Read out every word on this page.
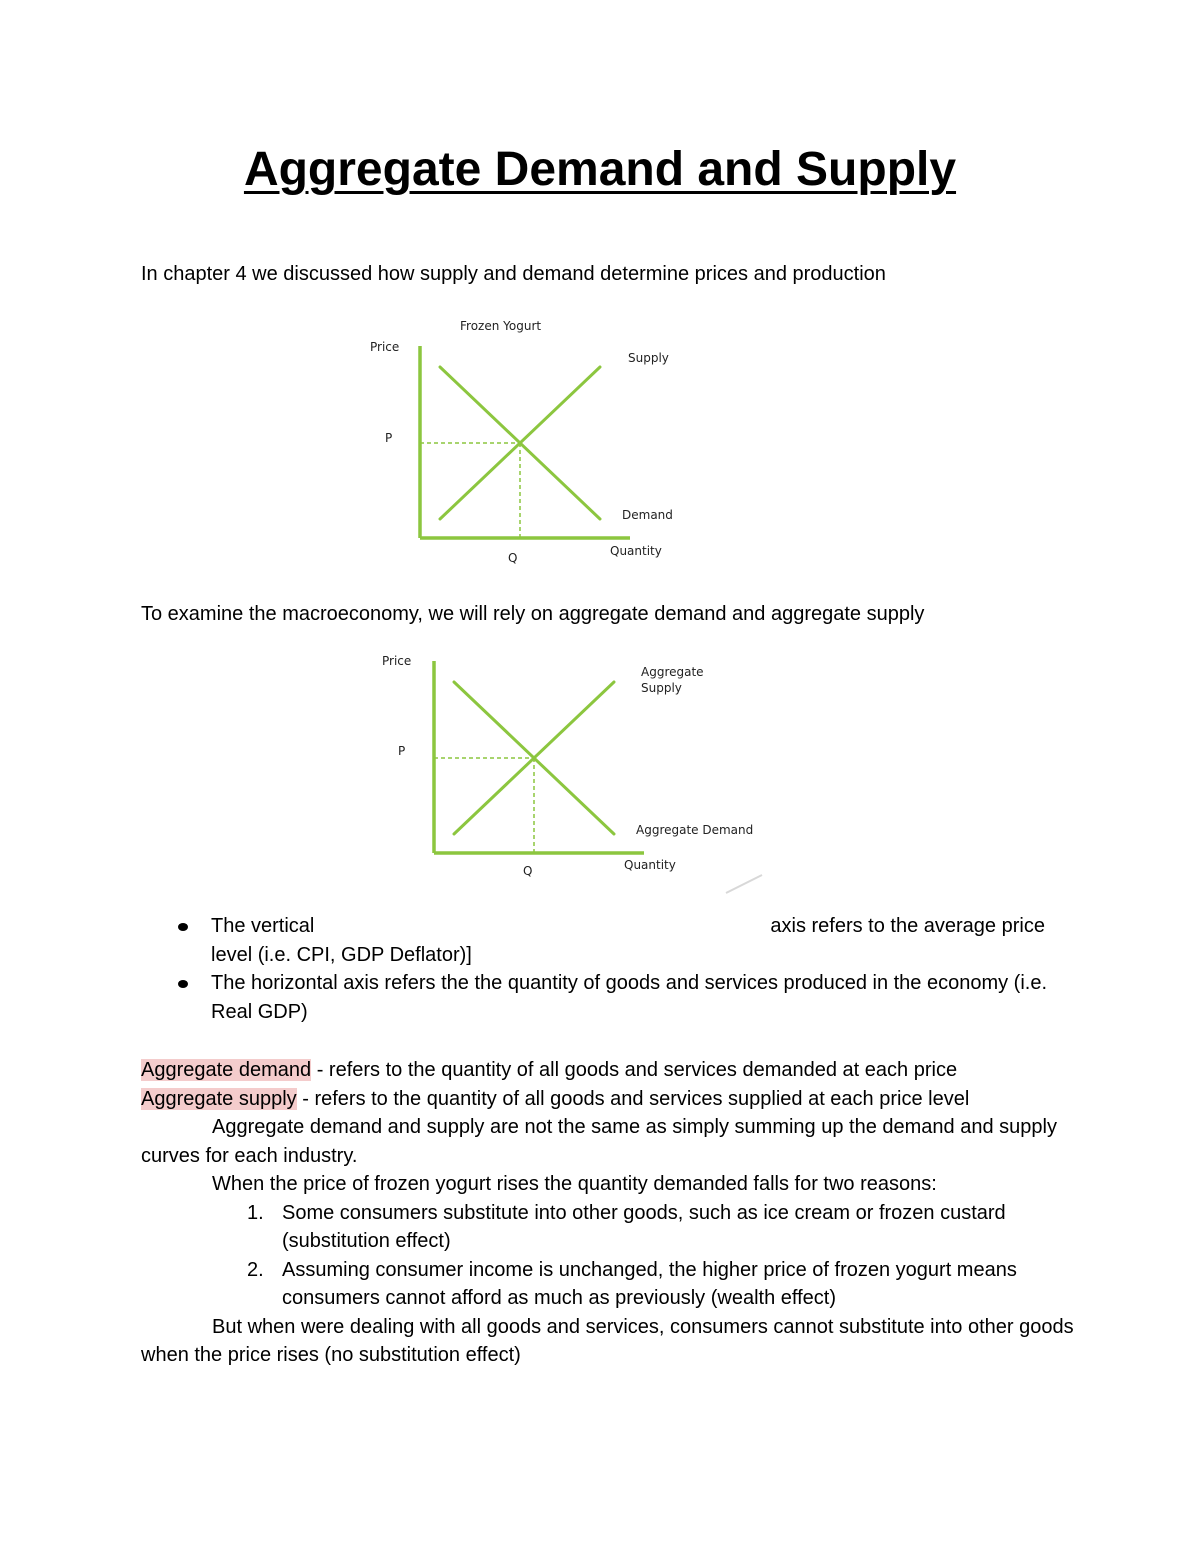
Aggregate Demand and Supply
In chapter 4 we discussed how supply and demand determine prices and production
Frozen Yogurt
Price
P
Q	Quantity
Supply
Demand
To examine the macroeconomy, we will rely on aggregate demand and aggregate supply
Price
P
Q	Quantity
Aggregate
Supply
Aggregate Demand
The vertical	axis refers to the average price level (i.e. CPI, GDP Deflator)]
The horizontal axis refers the the quantity of goods and services produced in the economy (i.e. Real GDP)

Aggregate demand - refers to the quantity of all goods and services demanded at each price

Aggregate supply - refers to the quantity of all goods and services supplied at each price level

Aggregate demand and supply are not the same as simply summing up the demand and supply curves for each industry.

When the price of frozen yogurt rises the quantity demanded falls for two reasons:

1. Some consumers substitute into other goods, such as ice cream or frozen custard (substitution effect)
2. Assuming consumer income is unchanged, the higher price of frozen yogurt means consumers cannot afford as much as previously (wealth effect)

But when were dealing with all goods and services, consumers cannot substitute into other goods when the price rises (no substitution effect)
